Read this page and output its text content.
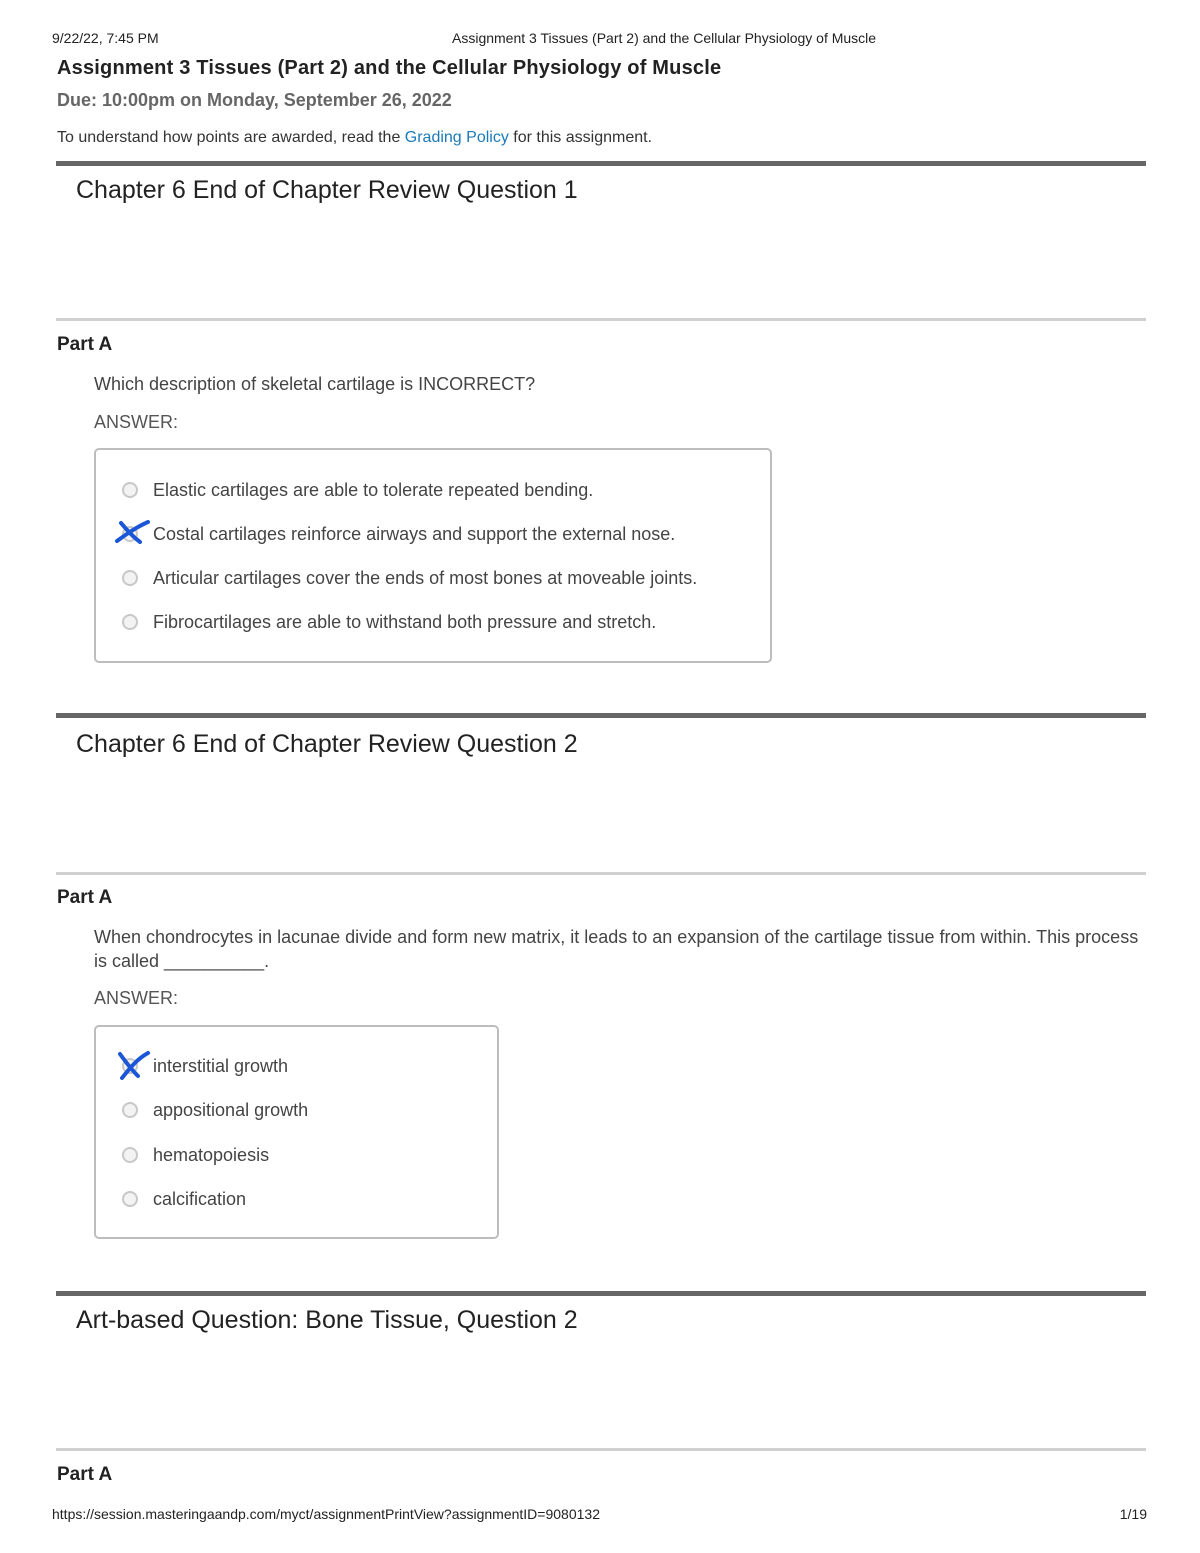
9/22/22, 7:45 PM	Assignment 3 Tissues (Part 2) and the Cellular Physiology of Muscle
Assignment 3 Tissues (Part 2) and the Cellular Physiology of Muscle
Due: 10:00pm on Monday, September 26, 2022
To understand how points are awarded, read the Grading Policy for this assignment.
Chapter 6 End of Chapter Review Question 1
Part A
Which description of skeletal cartilage is INCORRECT?
ANSWER:
Elastic cartilages are able to tolerate repeated bending.
Costal cartilages reinforce airways and support the external nose.
Articular cartilages cover the ends of most bones at moveable joints.
Fibrocartilages are able to withstand both pressure and stretch.
Chapter 6 End of Chapter Review Question 2
Part A
When chondrocytes in lacunae divide and form new matrix, it leads to an expansion of the cartilage tissue from within. This process is called __________.
ANSWER:
interstitial growth
appositional growth
hematopoiesis
calcification
Art-based Question: Bone Tissue, Question 2
Part A
https://session.masteringaandp.com/myct/assignmentPrintView?assignmentID=9080132	1/19
